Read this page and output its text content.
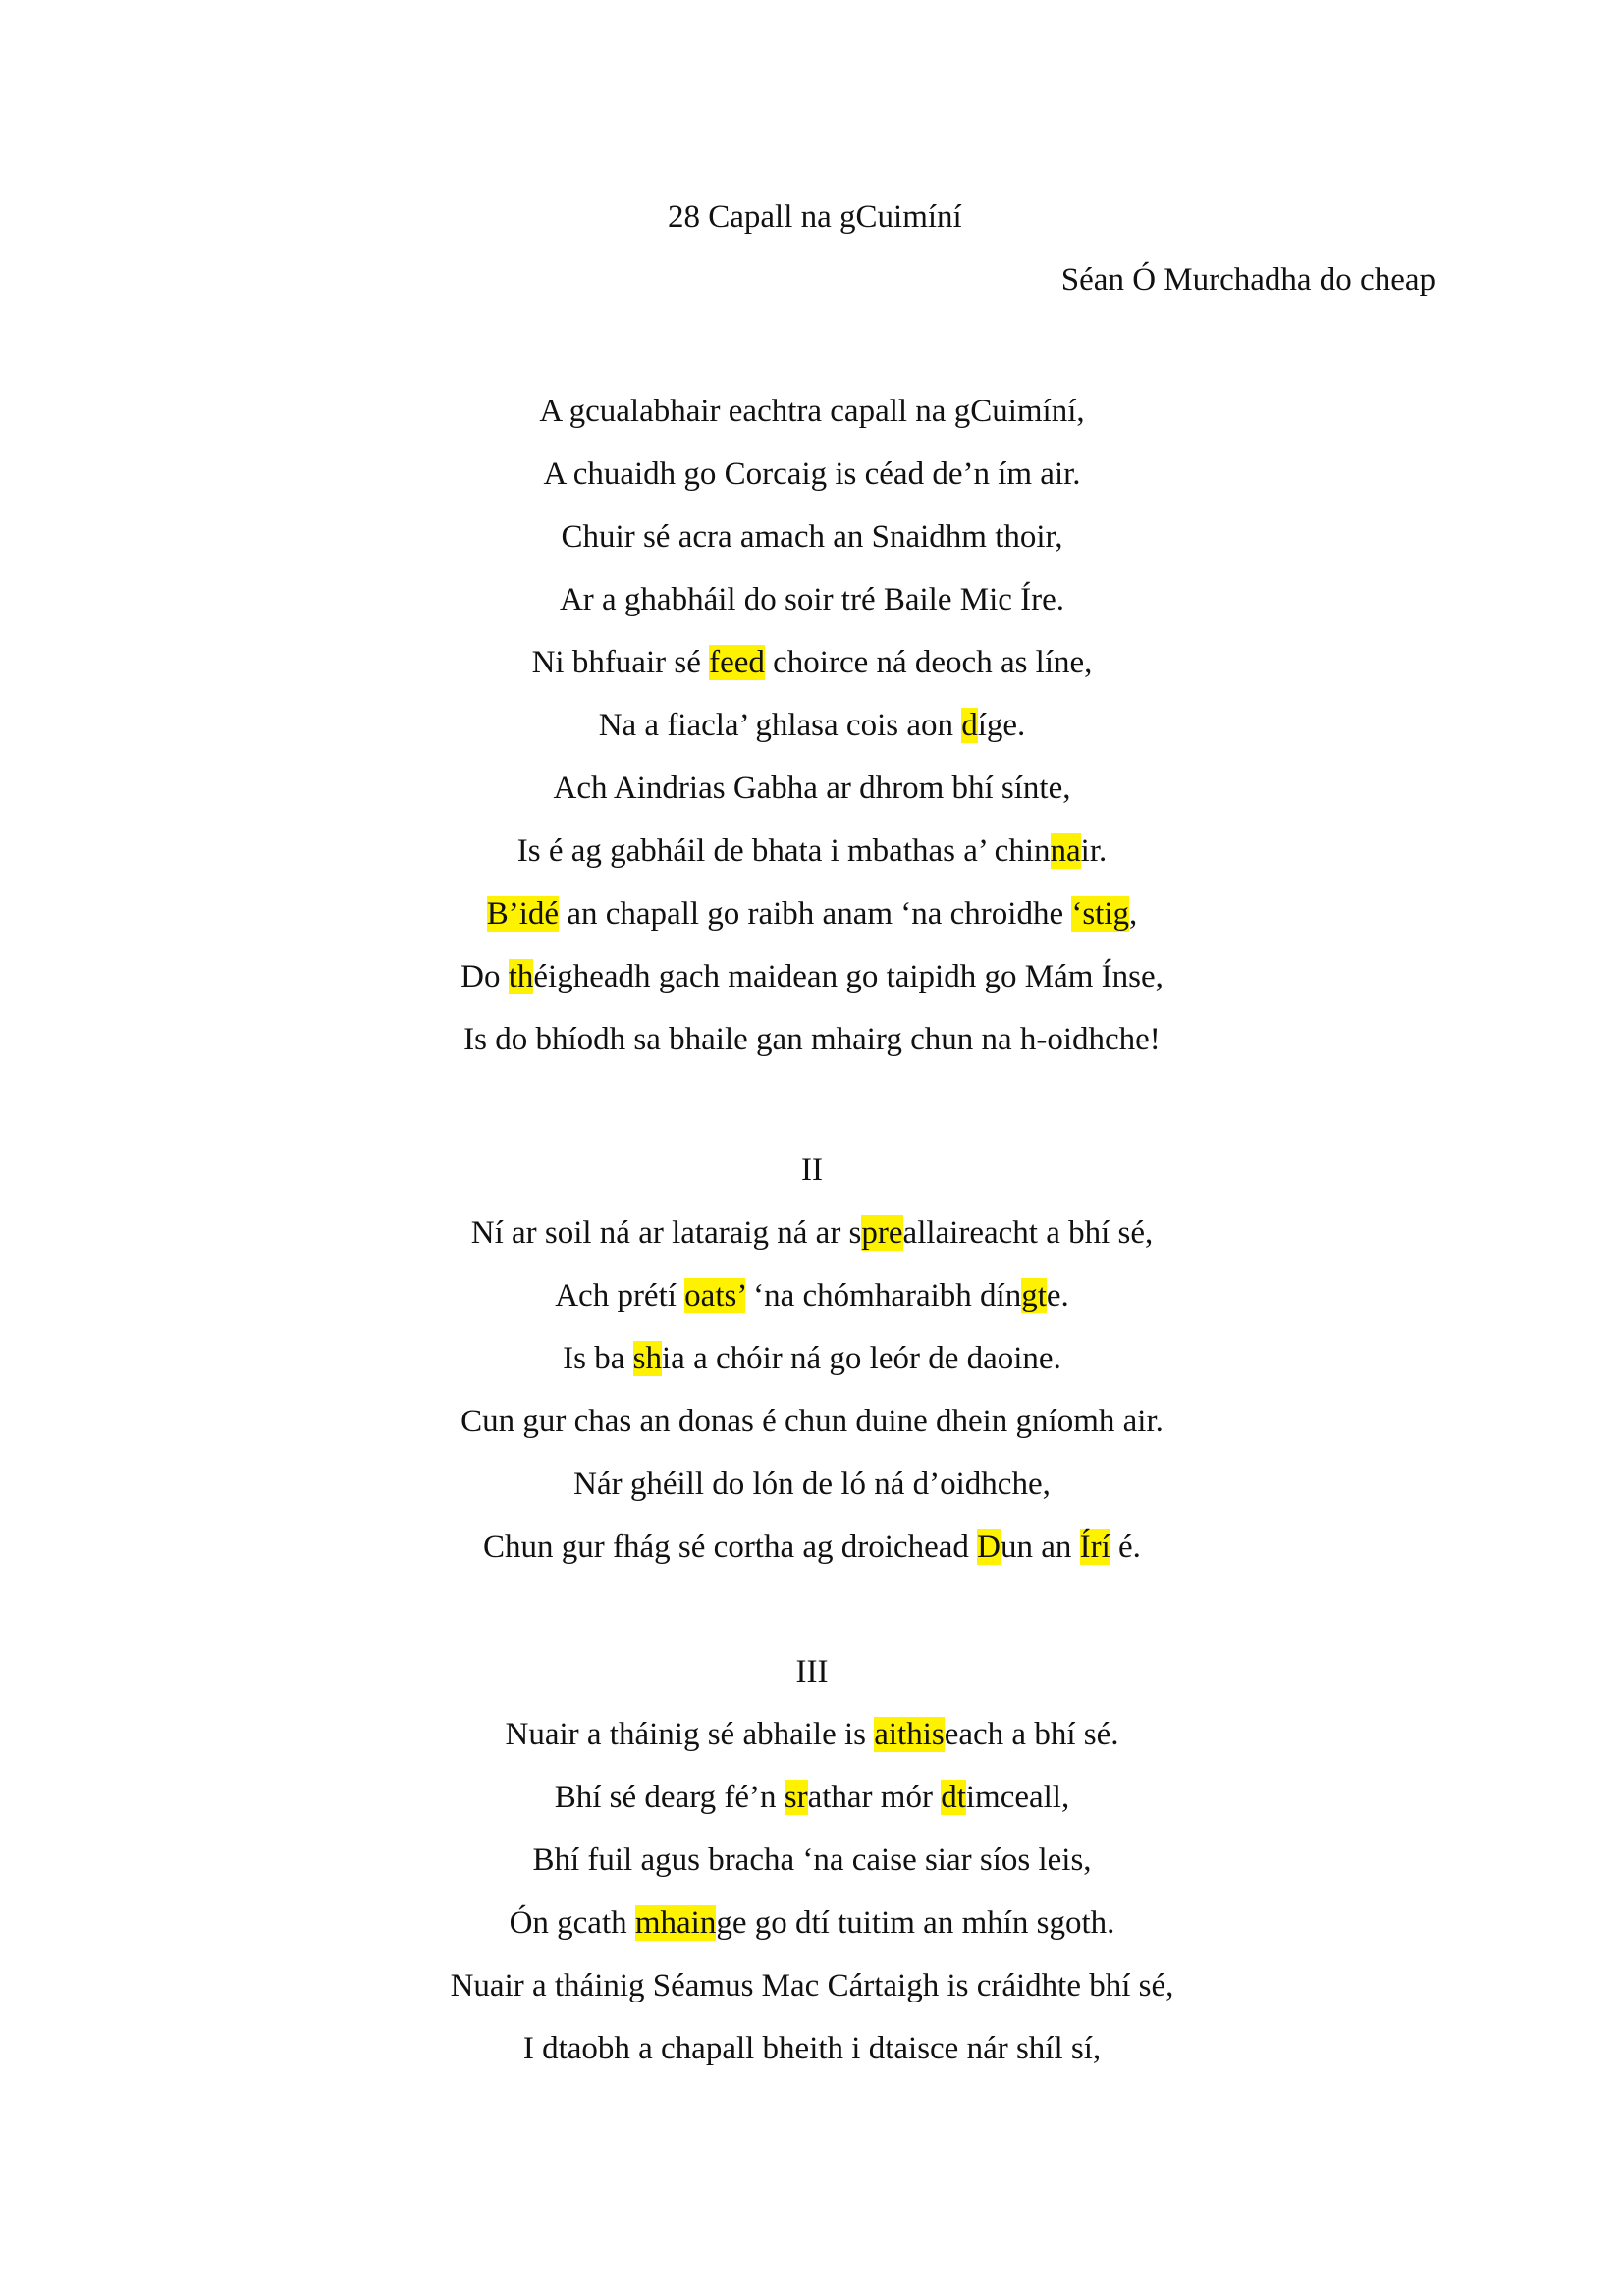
28 Capall na gCuimíní
Séan Ó Murchadha do cheap
A gcualabhair eachtra capall na gCuimíní,
A chuaidh go Corcaig is céad de’n ím air.
Chuir sé acra amach an Snaidhm thoir,
Ar a ghabháil do soir tré Baile Mic Íre.
Ni bhfuair sé feed choirce ná deoch as líne,
Na a fiacla’ ghlasa cois aon díge.
Ach Aindrias Gabha ar dhrom bhí sínte,
Is é ag gabháil de bhata i mbathas a’ chinnair.
B’idé an chapall go raibh anam ‘na chroidhe ‘stig,
Do théigheadh gach maidean go taipidh go Mám Ínse,
Is do bhíodh sa bhaile gan mhairg chun na h-oidhche!
II
Ní ar soil ná ar lataraig ná ar spreallaireacht a bhí sé,
Ach prétí oats’ ‘na chómharaibh díngte.
Is ba shia a chóir ná go leór de daoine.
Cun gur chas an donas é chun duine dhein gníomh air.
Nár ghéill do lón de ló ná d’oidhche,
Chun gur fhág sé cortha ag droichead Dun an Írí é.
III
Nuair a tháinig sé abhaile is aithiseach a bhí sé.
Bhí sé dearg fé’n srathar mór dtimceall,
Bhí fuil agus bracha ‘na caise siar síos leis,
Ón gcath mhainge go dtí tuitim an mhín sgoth.
Nuair a tháinig Séamus Mac Cártaigh is cráidhte bhí sé,
I dtaobh a chapall bheith i dtaisce nár shíl sí,
